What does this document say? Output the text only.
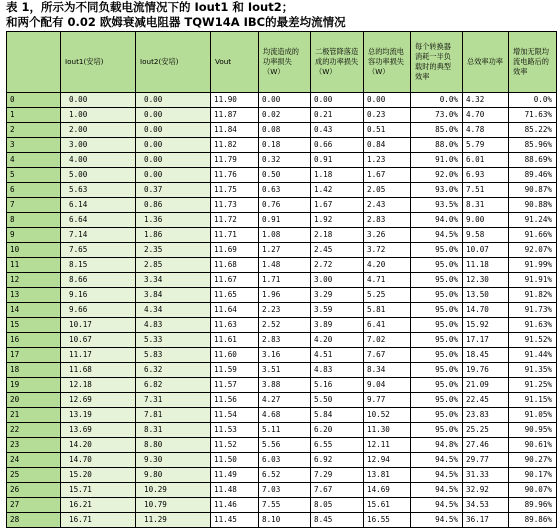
表 1，所示为不同负载电流情况下的 Iout1 和 Iout2；
和两个配有 0.02 欧姆衰减电阻器 TQW14A IBC的最差均流情况
	Iout1(安培)	Iout2(安培)	Vout	均流造成的功率损失（W）	二极管降落造成的功率损失（W）	总的均流电容功率损失（W）	每个转换器消耗一半负载时的典型效率	总效率功率	增加无限均流电路后的效率
0	0.00	0.00	11.90	0.00	0.00	0.00	0.0%	4.32	0.0%
1	1.00	0.00	11.87	0.02	0.21	0.23	73.0%	4.70	71.63%
2	2.00	0.00	11.84	0.08	0.43	0.51	85.0%	4.78	85.22%
3	3.00	0.00	11.82	0.18	0.66	0.84	88.0%	5.79	85.96%
4	4.00	0.00	11.79	0.32	0.91	1.23	91.0%	6.01	88.69%
5	5.00	0.00	11.76	0.50	1.18	1.67	92.0%	6.93	89.46%
6	5.63	0.37	11.75	0.63	1.42	2.05	93.0%	7.51	90.87%
7	6.14	0.86	11.73	0.76	1.67	2.43	93.5%	8.31	90.88%
8	6.64	1.36	11.72	0.91	1.92	2.83	94.0%	9.00	91.24%
9	7.14	1.86	11.71	1.08	2.18	3.26	94.5%	9.58	91.66%
10	7.65	2.35	11.69	1.27	2.45	3.72	95.0%	10.07	92.07%
11	8.15	2.85	11.68	1.48	2.72	4.20	95.0%	11.18	91.99%
12	8.66	3.34	11.67	1.71	3.00	4.71	95.0%	12.30	91.91%
13	9.16	3.84	11.65	1.96	3.29	5.25	95.0%	13.50	91.82%
14	9.66	4.34	11.64	2.23	3.59	5.81	95.0%	14.70	91.73%
15	10.17	4.83	11.63	2.52	3.89	6.41	95.0%	15.92	91.63%
16	10.67	5.33	11.61	2.83	4.20	7.02	95.0%	17.17	91.52%
17	11.17	5.83	11.60	3.16	4.51	7.67	95.0%	18.45	91.44%
18	11.68	6.32	11.59	3.51	4.83	8.34	95.0%	19.76	91.35%
19	12.18	6.82	11.57	3.88	5.16	9.04	95.0%	21.09	91.25%
20	12.69	7.31	11.56	4.27	5.50	9.77	95.0%	22.45	91.15%
21	13.19	7.81	11.54	4.68	5.84	10.52	95.0%	23.83	91.05%
22	13.69	8.31	11.53	5.11	6.20	11.30	95.0%	25.25	90.95%
23	14.20	8.80	11.52	5.56	6.55	12.11	94.8%	27.46	90.61%
24	14.70	9.30	11.50	6.03	6.92	12.94	94.5%	29.77	90.27%
25	15.20	9.80	11.49	6.52	7.29	13.81	94.5%	31.33	90.17%
26	15.71	10.29	11.48	7.03	7.67	14.69	94.5%	32.92	90.07%
27	16.21	10.79	11.46	7.55	8.05	15.61	94.5%	34.53	89.96%
28	16.71	11.29	11.45	8.10	8.45	16.55	94.5%	36.17	89.86%
